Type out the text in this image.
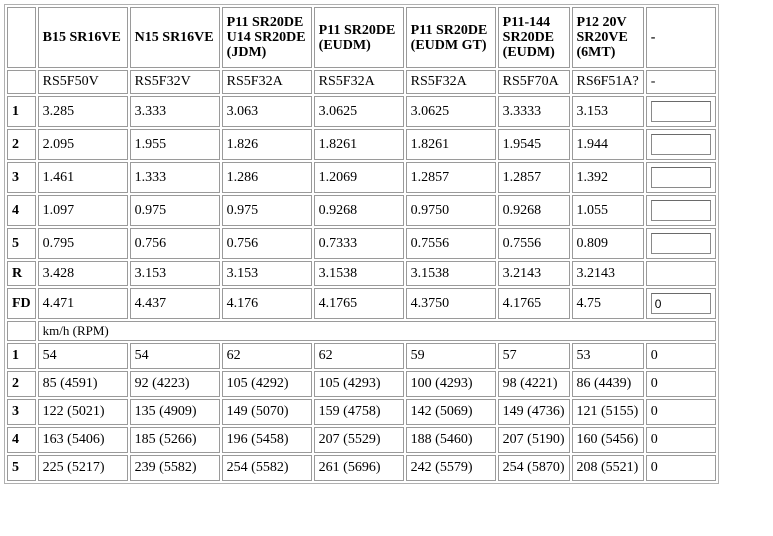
	B15 SR16VE	N15 SR16VE	P11 SR20DE U14 SR20DE (JDM)	P11 SR20DE (EUDM)	P11 SR20DE (EUDM GT)	P11-144 SR20DE (EUDM)	P12 20V SR20VE (6MT)	-
	RS5F50V	RS5F32V	RS5F32A	RS5F32A	RS5F32A	RS5F70A	RS6F51A?	-
1	3.285	3.333	3.063	3.0625	3.0625	3.3333	3.153	
2	2.095	1.955	1.826	1.8261	1.8261	1.9545	1.944	
3	1.461	1.333	1.286	1.2069	1.2857	1.2857	1.392	
4	1.097	0.975	0.975	0.9268	0.9750	0.9268	1.055	
5	0.795	0.756	0.756	0.7333	0.7556	0.7556	0.809	
R	3.428	3.153	3.153	3.1538	3.1538	3.2143	3.2143	
FD	4.471	4.437	4.176	4.1765	4.3750	4.1765	4.75	0
	km/h (RPM)							
1	54	54	62	62	59	57	53	0
2	85 (4591)	92 (4223)	105 (4292)	105 (4293)	100 (4293)	98 (4221)	86 (4439)	0
3	122 (5021)	135 (4909)	149 (5070)	159 (4758)	142 (5069)	149 (4736)	121 (5155)	0
4	163 (5406)	185 (5266)	196 (5458)	207 (5529)	188 (5460)	207 (5190)	160 (5456)	0
5	225 (5217)	239 (5582)	254 (5582)	261 (5696)	242 (5579)	254 (5870)	208 (5521)	0
